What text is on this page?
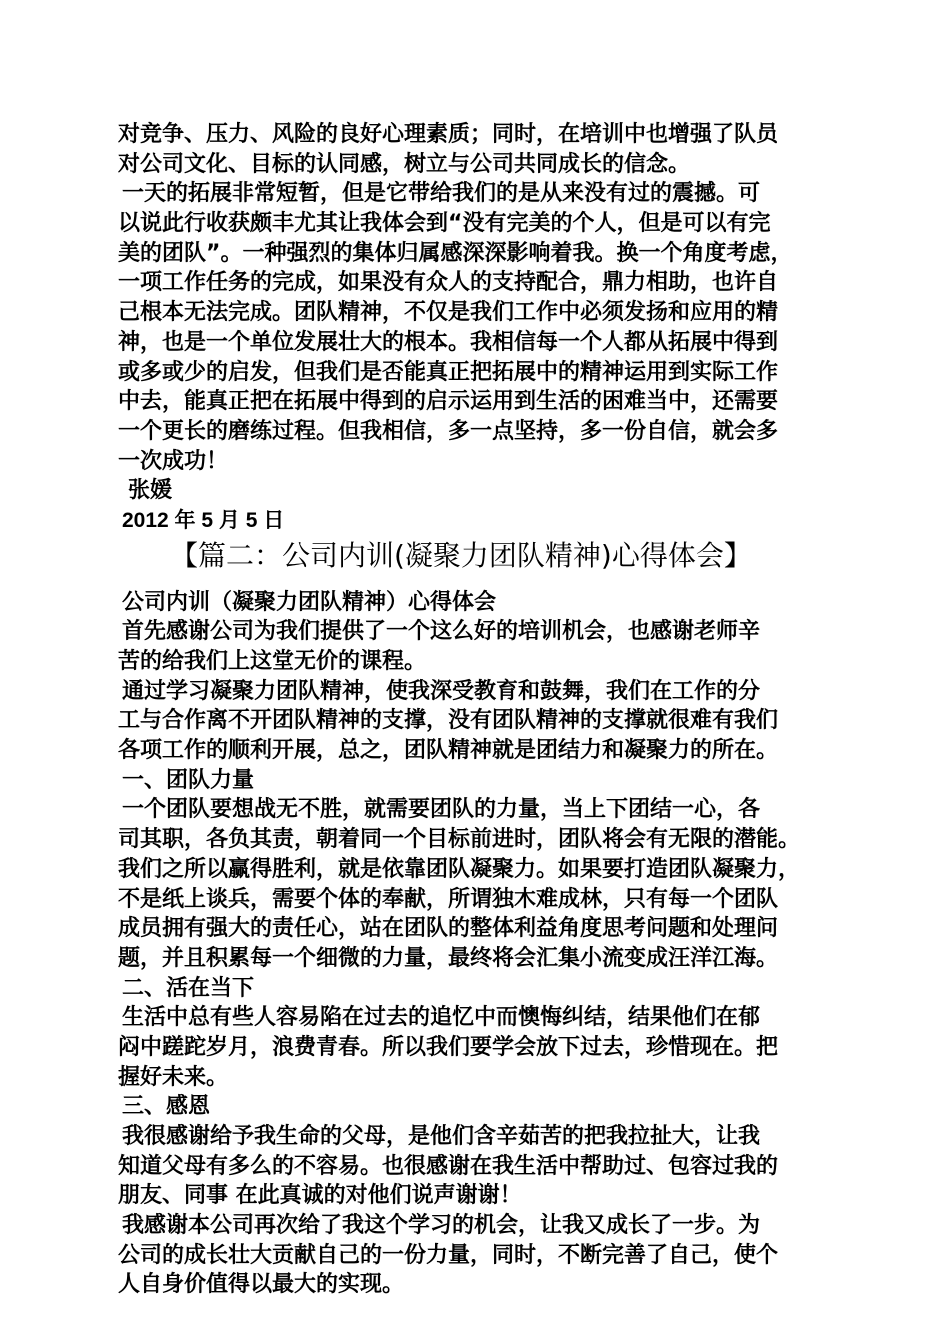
对竞争、压力、风险的良好心理素质；同时，在培训中也增强了队员
对公司文化、目标的认同感，树立与公司共同成长的信念。
一天的拓展非常短暂，但是它带给我们的是从来没有过的震撼。可
以说此行收获颇丰尤其让我体会到“没有完美的个人，但是可以有完
美的团队”。一种强烈的集体归属感深深影响着我。换一个角度考虑，
一项工作任务的完成，如果没有众人的支持配合，鼎力相助，也许自
己根本无法完成。团队精神，不仅是我们工作中必须发扬和应用的精
神，也是一个单位发展壮大的根本。我相信每一个人都从拓展中得到
或多或少的启发，但我们是否能真正把拓展中的精神运用到实际工作
中去，能真正把在拓展中得到的启示运用到生活的困难当中，还需要
一个更长的磨练过程。但我相信，多一点坚持，多一份自信，就会多
一次成功！
张媛
2012 年 5 月 5 日
【篇二：公司内训(凝聚力团队精神)心得体会】
公司内训（凝聚力团队精神）心得体会
首先感谢公司为我们提供了一个这么好的培训机会，也感谢老师辛
苦的给我们上这堂无价的课程。
通过学习凝聚力团队精神，使我深受教育和鼓舞，我们在工作的分
工与合作离不开团队精神的支撑，没有团队精神的支撑就很难有我们
各项工作的顺利开展，总之，团队精神就是团结力和凝聚力的所在。
一、团队力量
一个团队要想战无不胜，就需要团队的力量，当上下团结一心，各
司其职，各负其责，朝着同一个目标前进时，团队将会有无限的潜能。
我们之所以赢得胜利，就是依靠团队凝聚力。如果要打造团队凝聚力，
不是纸上谈兵，需要个体的奉献，所谓独木难成林，只有每一个团队
成员拥有强大的责任心，站在团队的整体利益角度思考问题和处理问
题，并且积累每一个细微的力量，最终将会汇集小流变成汪洋江海。
二、活在当下
生活中总有些人容易陷在过去的追忆中而懊悔纠结，结果他们在郁
闷中蹉跎岁月，浪费青春。所以我们要学会放下过去，珍惜现在。把
握好未来。
三、感恩
我很感谢给予我生命的父母，是他们含辛茹苦的把我拉扯大，让我
知道父母有多么的不容易。也很感谢在我生活中帮助过、包容过我的
朋友、同事 在此真诚的对他们说声谢谢！
我感谢本公司再次给了我这个学习的机会，让我又成长了一步。为
公司的成长壮大贡献自己的一份力量，同时，不断完善了自己，使个
人自身价值得以最大的实现。
